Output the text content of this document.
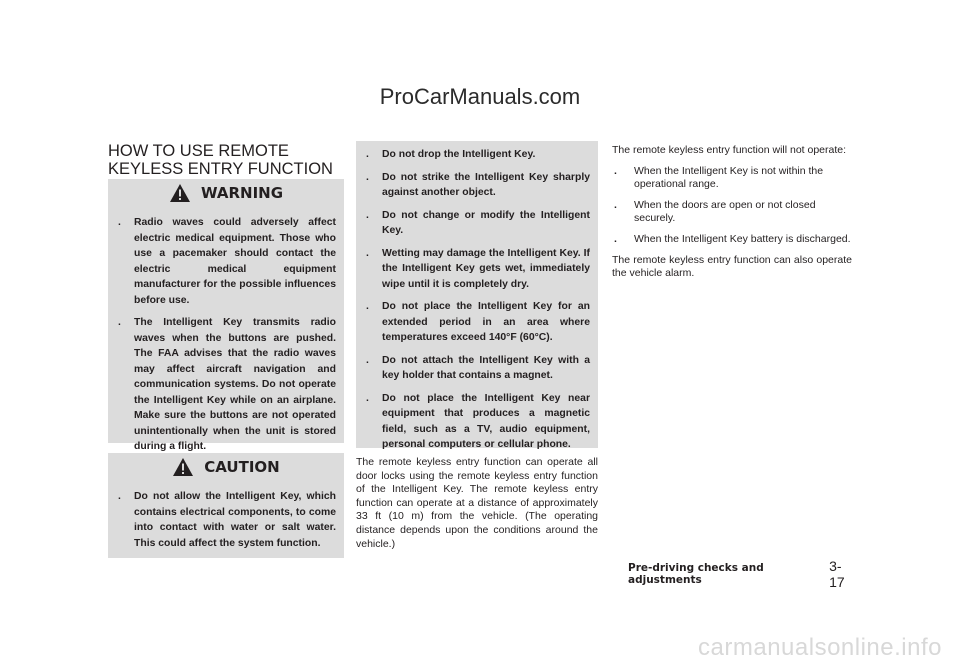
ProCarManuals.com
HOW TO USE REMOTE KEYLESS ENTRY FUNCTION
WARNING
. Radio waves could adversely affect electric medical equipment. Those who use a pacemaker should contact the electric medical equipment manufacturer for the possible influences before use.
. The Intelligent Key transmits radio waves when the buttons are pushed. The FAA advises that the radio waves may affect aircraft navigation and communication systems. Do not operate the Intelligent Key while on an airplane. Make sure the buttons are not operated unintentionally when the unit is stored during a flight.
CAUTION
. Do not allow the Intelligent Key, which contains electrical components, to come into contact with water or salt water. This could affect the system function.
. Do not drop the Intelligent Key.
. Do not strike the Intelligent Key sharply against another object.
. Do not change or modify the Intelligent Key.
. Wetting may damage the Intelligent Key. If the Intelligent Key gets wet, immediately wipe until it is completely dry.
. Do not place the Intelligent Key for an extended period in an area where temperatures exceed 140°F (60°C).
. Do not attach the Intelligent Key with a key holder that contains a magnet.
. Do not place the Intelligent Key near equipment that produces a magnetic field, such as a TV, audio equipment, personal computers or cellular phone.

The remote keyless entry function can operate all door locks using the remote keyless entry function of the Intelligent Key. The remote keyless entry function can operate at a distance of approximately 33 ft (10 m) from the vehicle. (The operating distance depends upon the conditions around the vehicle.)

The remote keyless entry function will not operate:

. When the Intelligent Key is not within the operational range.
. When the doors are open or not closed securely.
. When the Intelligent Key battery is discharged.

The remote keyless entry function can also operate the vehicle alarm.

Pre-driving checks and adjustments
3-17
carmanualsonline.info
